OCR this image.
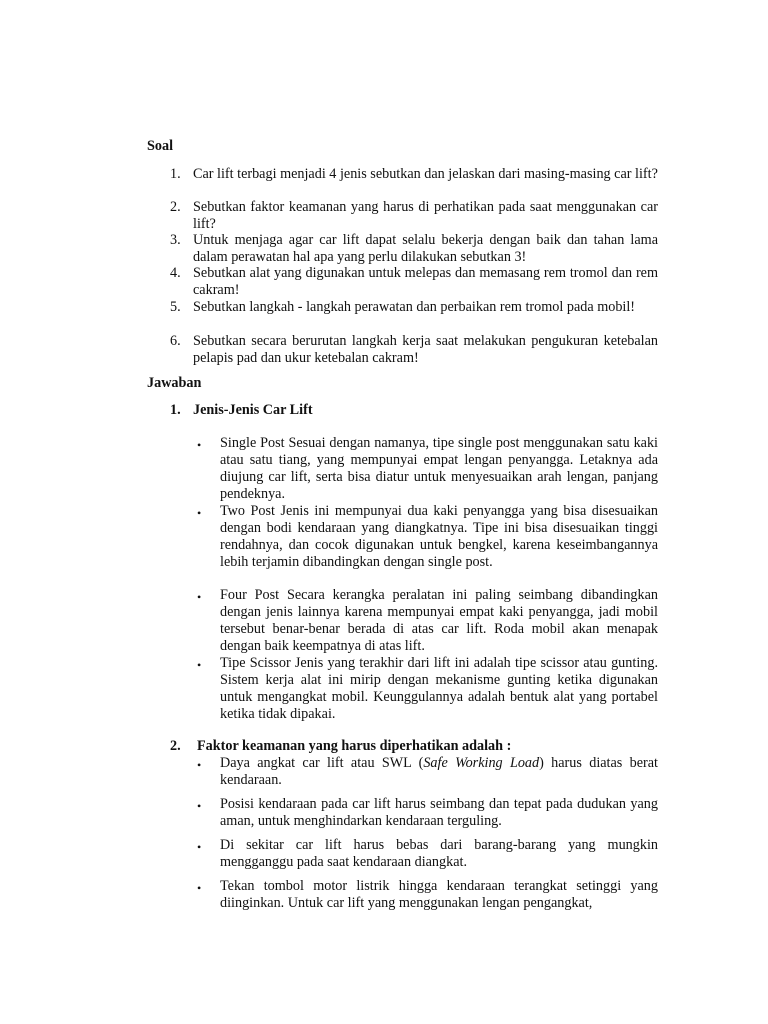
Soal
1. Car lift terbagi menjadi 4 jenis sebutkan dan jelaskan dari masing-masing car lift?

2. Sebutkan faktor keamanan yang harus di perhatikan pada saat menggunakan car lift?

3. Untuk menjaga agar car lift dapat selalu bekerja dengan baik dan tahan lama dalam perawatan hal apa yang perlu dilakukan sebutkan 3!

4. Sebutkan alat yang digunakan untuk melepas dan memasang rem tromol dan rem cakram!

5. Sebutkan langkah - langkah perawatan dan perbaikan rem tromol pada mobil!

6. Sebutkan secara berurutan langkah kerja saat melakukan pengukuran ketebalan pelapis pad dan ukur ketebalan cakram!

Jawaban
1. Jenis-Jenis Car Lift
• Single Post Sesuai dengan namanya, tipe single post menggunakan satu kaki atau satu tiang, yang mempunyai empat lengan penyangga. Letaknya ada diujung car lift, serta bisa diatur untuk menyesuaikan arah lengan, panjang pendeknya.

• Two Post Jenis ini mempunyai dua kaki penyangga yang bisa disesuaikan dengan bodi kendaraan yang diangkatnya. Tipe ini bisa disesuaikan tinggi rendahnya, dan cocok digunakan untuk bengkel, karena keseimbangannya lebih terjamin dibandingkan dengan single post.

• Four Post Secara kerangka peralatan ini paling seimbang dibandingkan dengan jenis lainnya karena mempunyai empat kaki penyangga, jadi mobil tersebut benar-benar berada di atas car lift. Roda mobil akan menapak dengan baik keempatnya di atas lift.

• Tipe Scissor Jenis yang terakhir dari lift ini adalah tipe scissor atau gunting. Sistem kerja alat ini mirip dengan mekanisme gunting ketika digunakan untuk mengangkat mobil. Keunggulannya adalah bentuk alat yang portabel ketika tidak dipakai.

2. Faktor keamanan yang harus diperhatikan adalah :
• Daya angkat car lift atau SWL (Safe Working Load) harus diatas berat kendaraan.

• Posisi kendaraan pada car lift harus seimbang dan tepat pada dudukan yang aman, untuk menghindarkan kendaraan terguling.

• Di sekitar car lift harus bebas dari barang-barang yang mungkin mengganggu pada saat kendaraan diangkat.

• Tekan tombol motor listrik hingga kendaraan terangkat setinggi yang diinginkan. Untuk car lift yang menggunakan lengan pengangkat,
